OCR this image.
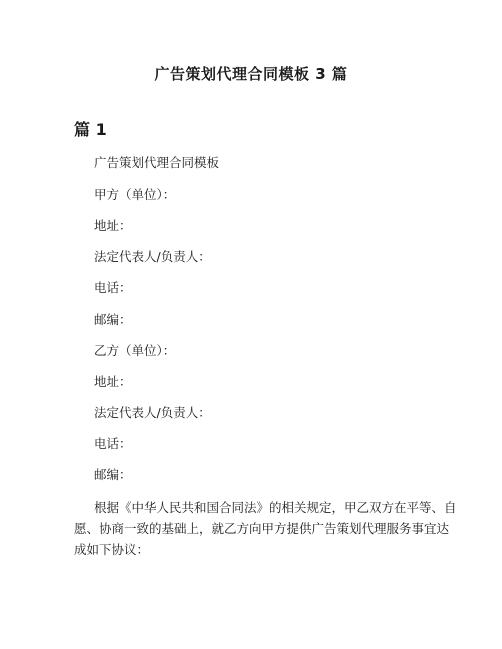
广告策划代理合同模板 3 篇
篇 1
广告策划代理合同模板
甲方（单位）：
地址：
法定代表人/负责人：
电话：
邮编：
乙方（单位）：
地址：
法定代表人/负责人：
电话：
邮编：
根据《中华人民共和国合同法》的相关规定，甲乙双方在平等、自
愿、协商一致的基础上，就乙方向甲方提供广告策划代理服务事宜达
成如下协议：
